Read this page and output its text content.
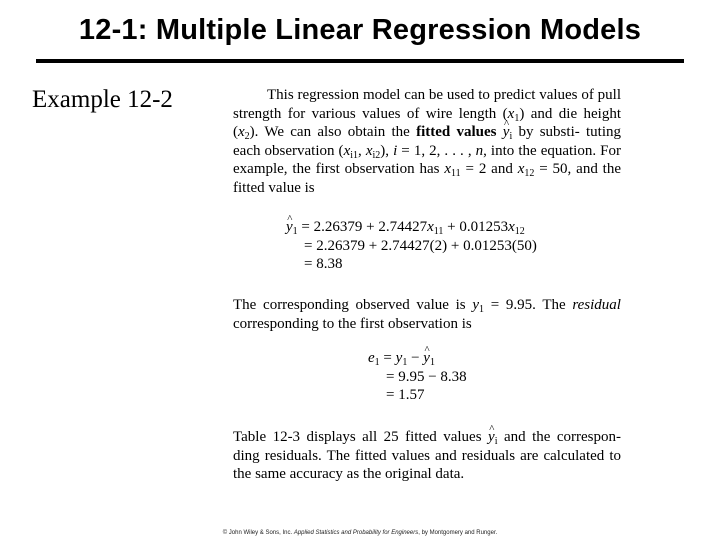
12-1: Multiple Linear Regression Models
Example 12-2	This regression model can be used to predict values of pull strength for various values of wire length $(x_1)$ and die height $(x_2)$. We can also obtain the fitted values ^ $y_i$ by substi- tuting each observation ($x_{i1}$, $x_{i2}$), i = 1, 2, . . . , n, into the equation. For example, the first observation has $x_{11} = 2$ and $x_{12} = 50$, and the fitted value is
^ $y_1 = 2.26379 + 2.74427x_{11} + 0.01253x_{12}$
= 2.26379 + 2.74427(2) + 0.01253(50)
= 8.38
The corresponding observed value is $y_1 = 9.95$. The residual corresponding to the first observation is
$e_1 = y_1$ − ^ $y_1$
= 9.95 − 8.38
= 1.57
Table 12-3 displays all 25 fitted values ^ $y_i$ and the correspon- ding residuals. The fitted values and residuals are calculated to the same accuracy as the original data.
© John Wiley & Sons, Inc. Applied Statistics and Probability for Engineers, by Montgomery and Runger.
